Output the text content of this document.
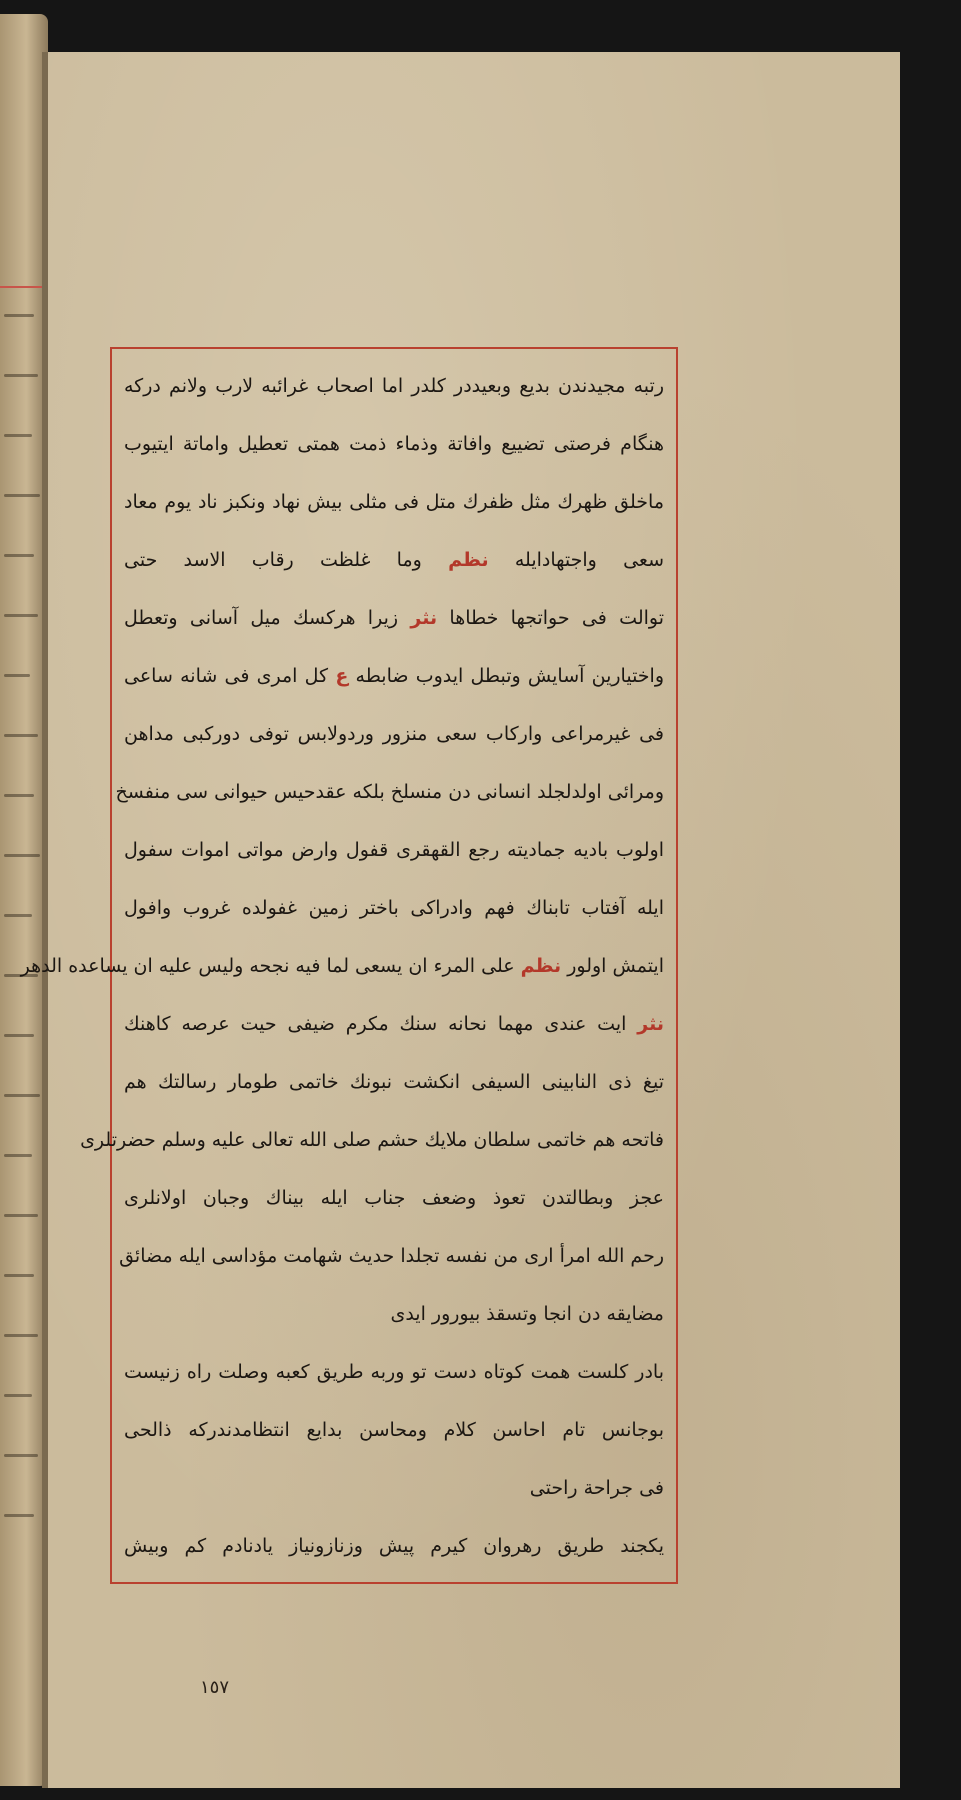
رتبه مجیدندن بدیع وبعیددر کلدر اما اصحاب غرائبه لارب ولانم درکه
هنگام فرصتی تضییع وافاتة وذماء ذمت همتی تعطیل واماتة ایتیوب
ماخلق ظهرك مثل ظفرك متل فی مثلی بیش نهاد ونکبز ناد یوم معاد
سعی واجتهادایله نظم وما غلظت رقاب الاسد حتی
توالت فی حواتجها خطاها نثر زیرا هرکسك میل آسانی وتعطل
واختیارین آسایش وتبطل ایدوب ضابطه ع کل امری فی شانه ساعی
فی غیرمراعی وارکاب سعی منزور وردولابس توفی دورکبی مداهن
ومرائی اولدلجلد انسانی دن منسلخ بلکه عقدحیس حیوانی سی منفسخ
اولوب بادیه جمادیته رجع القهقری قفول وارض مواتی اموات سفول
ایله آفتاب تابناك فهم وادراکی باختر زمین غفولده غروب وافول
ایتمش اولور نظم علی المرء ان یسعی لما فیه نجحه ولیس علیه ان یساعده الدهر
نثر ایت عندی مهما نحانه سنك مکرم ضیفی حیت عرصه کاهنك
تیغ ذی النابینی السیفی انکشت نبونك خاتمی طومار رسالتك هم
فاتحه هم خاتمی سلطان ملایك حشم صلی الله تعالی علیه وسلم حضرتلری
عجز وبطالتدن تعوذ وضعف جناب ایله بیناك وجبان اولانلری
رحم الله امرأ اری من نفسه تجلدا حدیث شهامت مؤداسی ایله مضائق
مضایقه دن انجا وتسقذ بیورور ایدی
بادر کلست همت کوتاه دست تو وربه طریق کعبه وصلت راه زنیست
بوجانس تام احاسن کلام ومحاسن بدایع انتظامدندرکه ذالحی
فی جراحة راحتی
یکجند طریق رهروان کیرم پیش وزنازونیاز یادنادم کم وبیش
١٥٧
